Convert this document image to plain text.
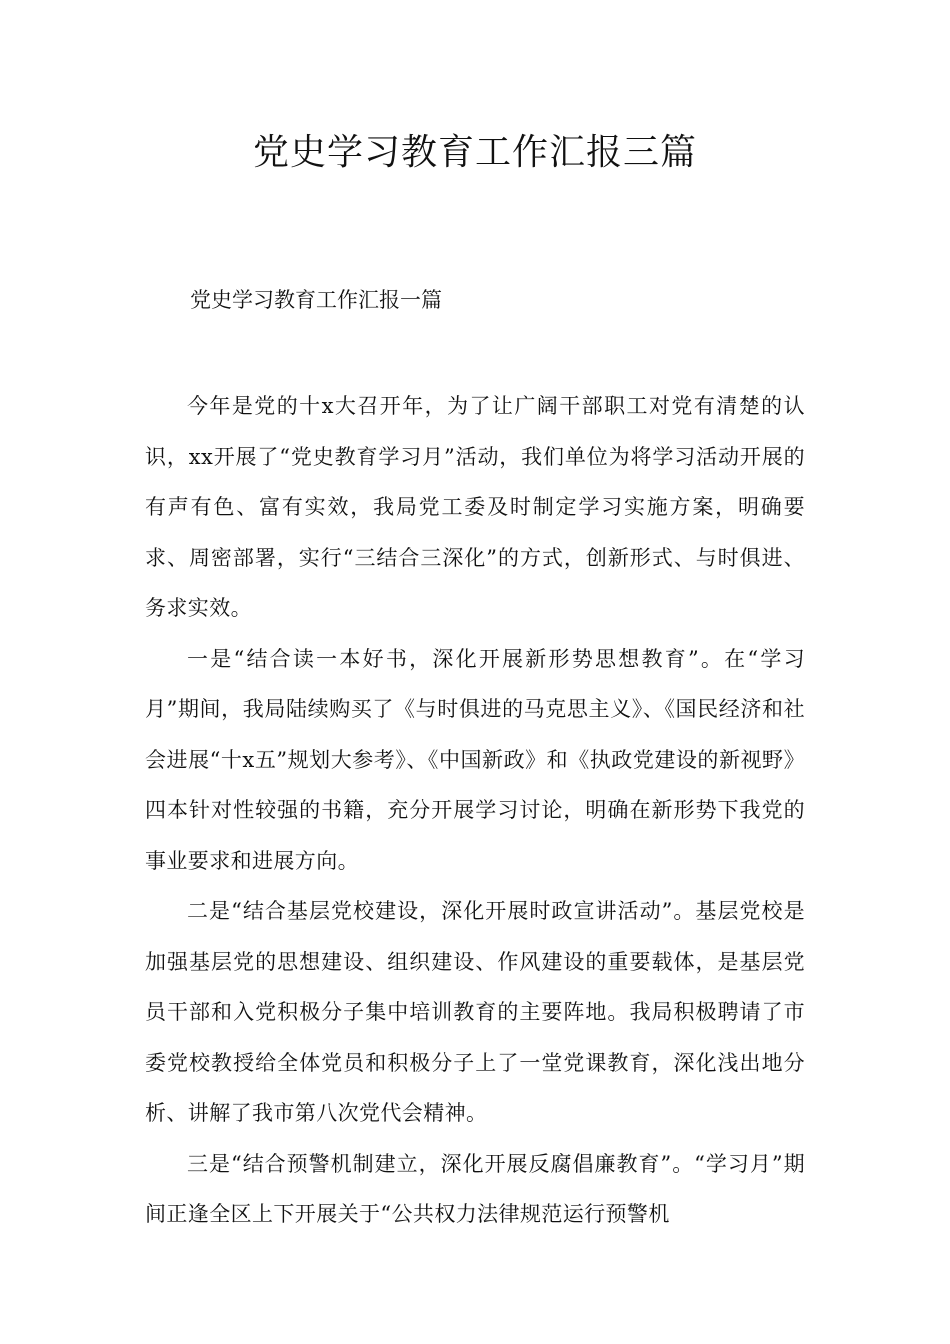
党史学习教育工作汇报三篇

党史学习教育工作汇报一篇

今年是党的十x大召开年，为了让广阔干部职工对党有清楚的认识，xx开展了“党史教育学习月”活动，我们单位为将学习活动开展的有声有色、富有实效，我局党工委及时制定学习实施方案，明确要求、周密部署，实行“三结合三深化”的方式，创新形式、与时俱进、务求实效。

一是“结合读一本好书，深化开展新形势思想教育”。在“学习月”期间，我局陆续购买了《与时俱进的马克思主义》、《国民经济和社会进展“十x五”规划大参考》、《中国新政》和《执政党建设的新视野》四本针对性较强的书籍，充分开展学习讨论，明确在新形势下我党的事业要求和进展方向。

二是“结合基层党校建设，深化开展时政宣讲活动”。基层党校是加强基层党的思想建设、组织建设、作风建设的重要载体，是基层党员干部和入党积极分子集中培训教育的主要阵地。我局积极聘请了市委党校教授给全体党员和积极分子上了一堂党课教育，深化浅出地分析、讲解了我市第八次党代会精神。

三是“结合预警机制建立，深化开展反腐倡廉教育”。“学习月”期间正逢全区上下开展关于“公共权力法律规范运行预警机
